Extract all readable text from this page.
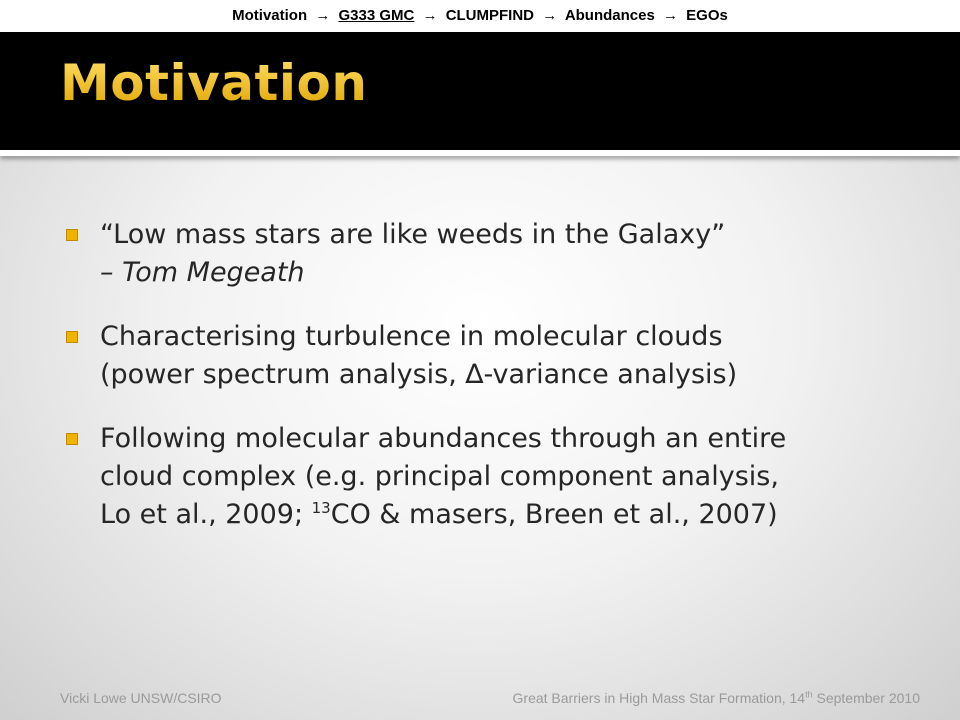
Motivation → G333 GMC → CLUMPFIND → Abundances → EGOs
Motivation
“Low mass stars are like weeds in the Galaxy”
– Tom Megeath
Characterising turbulence in molecular clouds
(power spectrum analysis, ∆-variance analysis)
Following molecular abundances through an entire
cloud complex (e.g. principal component analysis,
Lo et al., 2009; $^{13}$CO & masers, Breen et al., 2007)
Vicki Lowe UNSW/CSIRO	Great Barriers in High Mass Star Formation, 14th September 2010
